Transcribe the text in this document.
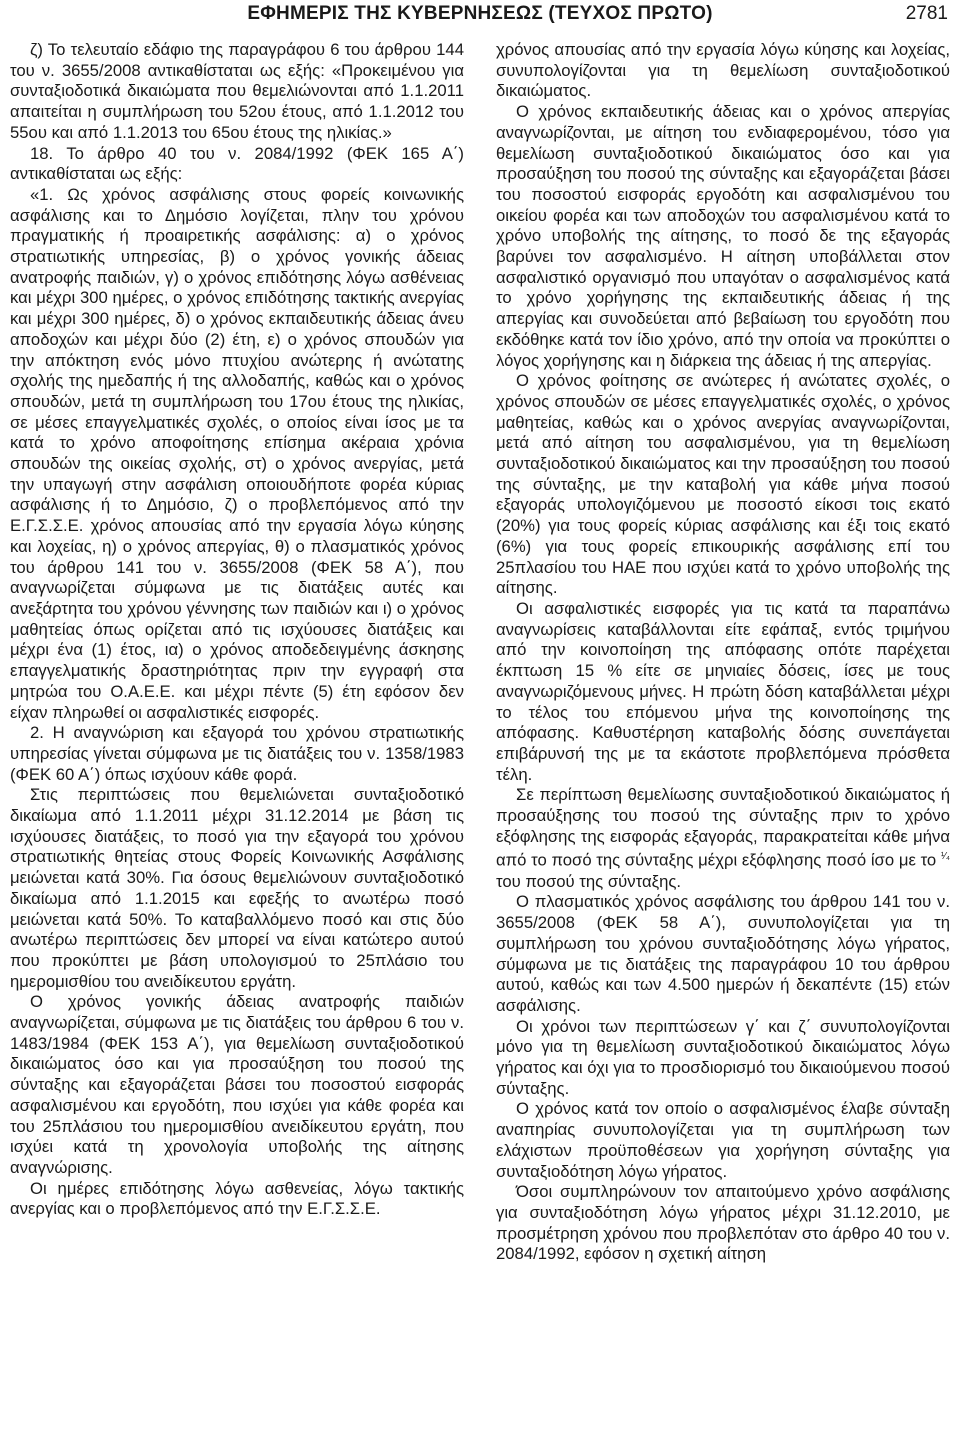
ΕΦΗΜΕΡΙΣ ΤΗΣ ΚΥΒΕΡΝΗΣΕΩΣ (ΤΕΥΧΟΣ ΠΡΩΤΟ)	2781

ζ) Το τελευταίο εδάφιο της παραγράφου 6 του άρθρου 144 του ν. 3655/2008 αντικαθίσταται ως εξής: «Προκειμένου για συνταξιοδοτικά δικαιώματα που θεμελιώνονται από 1.1.2011 απαιτείται η συμπλήρωση του 52ου έτους, από 1.1.2012 του 55ου και από 1.1.2013 του 65ου έτους της ηλικίας.»

18. Το άρθρο 40 του ν. 2084/1992 (ΦΕΚ 165 Α΄) αντικαθίσταται ως εξής:

«1. Ως χρόνος ασφάλισης στους φορείς κοινωνικής ασφάλισης και το Δημόσιο λογίζεται, πλην του χρόνου πραγματικής ή προαιρετικής ασφάλισης: α) ο χρόνος στρατιωτικής υπηρεσίας, β) ο χρόνος γονικής άδειας ανατροφής παιδιών, γ) ο χρόνος επιδότησης λόγω ασθένειας και μέχρι 300 ημέρες, ο χρόνος επιδότησης τακτικής ανεργίας και μέχρι 300 ημέρες, δ) ο χρόνος εκπαιδευτικής άδειας άνευ αποδοχών και μέχρι δύο (2) έτη, ε) ο χρόνος σπουδών για την απόκτηση ενός μόνο πτυχίου ανώτερης ή ανώτατης σχολής της ημεδαπής ή της αλλοδαπής, καθώς και ο χρόνος σπουδών, μετά τη συμπλήρωση του 17ου έτους της ηλικίας, σε μέσες επαγγελματικές σχολές, ο οποίος είναι ίσος με τα κατά το χρόνο αποφοίτησης επίσημα ακέραια χρόνια σπουδών της οικείας σχολής, στ) ο χρόνος ανεργίας, μετά την υπαγωγή στην ασφάλιση οποιουδήποτε φορέα κύριας ασφάλισης ή το Δημόσιο, ζ) ο προβλεπόμενος από την Ε.Γ.Σ.Σ.Ε. χρόνος απουσίας από την εργασία λόγω κύησης και λοχείας, η) ο χρόνος απεργίας, θ) ο πλασματικός χρόνος του άρθρου 141 του ν. 3655/2008 (ΦΕΚ 58 Α΄), που αναγνωρίζεται σύμφωνα με τις διατάξεις αυτές και ανεξάρτητα του χρόνου γέννησης των παιδιών και ι) ο χρόνος μαθητείας όπως ορίζεται από τις ισχύουσες διατάξεις και μέχρι ένα (1) έτος, ια) ο χρόνος αποδεδειγμένης άσκησης επαγγελματικής δραστηριότητας πριν την εγγραφή στα μητρώα του Ο.Α.Ε.Ε. και μέχρι πέντε (5) έτη εφόσον δεν είχαν πληρωθεί οι ασφαλιστικές εισφορές.

2. Η αναγνώριση και εξαγορά του χρόνου στρατιωτικής υπηρεσίας γίνεται σύμφωνα με τις διατάξεις του ν. 1358/1983 (ΦΕΚ 60 Α΄) όπως ισχύουν κάθε φορά.

Στις περιπτώσεις που θεμελιώνεται συνταξιοδοτικό δικαίωμα από 1.1.2011 μέχρι 31.12.2014 με βάση τις ισχύουσες διατάξεις, το ποσό για την εξαγορά του χρόνου στρατιωτικής θητείας στους Φορείς Κοινωνικής Ασφάλισης μειώνεται κατά 30%. Για όσους θεμελιώνουν συνταξιοδοτικό δικαίωμα από 1.1.2015 και εφεξής το ανωτέρω ποσό μειώνεται κατά 50%. Το καταβαλλόμενο ποσό και στις δύο ανωτέρω περιπτώσεις δεν μπορεί να είναι κατώτερο αυτού που προκύπτει με βάση υπολογισμού το 25πλάσιο του ημερομισθίου του ανειδίκευτου εργάτη.

Ο χρόνος γονικής άδειας ανατροφής παιδιών αναγνωρίζεται, σύμφωνα με τις διατάξεις του άρθρου 6 του ν. 1483/1984 (ΦΕΚ 153 Α΄), για θεμελίωση συνταξιοδοτικού δικαιώματος όσο και για προσαύξηση του ποσού της σύνταξης και εξαγοράζεται βάσει του ποσοστού εισφοράς ασφαλισμένου και εργοδότη, που ισχύει για κάθε φορέα και του 25πλάσιου του ημερομισθίου ανειδίκευτου εργάτη, που ισχύει κατά τη χρονολογία υποβολής της αίτησης αναγνώρισης.

Οι ημέρες επιδότησης λόγω ασθενείας, λόγω τακτικής ανεργίας και ο προβλεπόμενος από την Ε.Γ.Σ.Σ.Ε.

χρόνος απουσίας από την εργασία λόγω κύησης και λοχείας, συνυπολογίζονται για τη θεμελίωση συνταξιοδοτικού δικαιώματος.

Ο χρόνος εκπαιδευτικής άδειας και ο χρόνος απεργίας αναγνωρίζονται, με αίτηση του ενδιαφερομένου, τόσο για θεμελίωση συνταξιοδοτικού δικαιώματος όσο και για προσαύξηση του ποσού της σύνταξης και εξαγοράζεται βάσει του ποσοστού εισφοράς εργοδότη και ασφαλισμένου του οικείου φορέα και των αποδοχών του ασφαλισμένου κατά το χρόνο υποβολής της αίτησης, το ποσό δε της εξαγοράς βαρύνει τον ασφαλισμένο. Η αίτηση υποβάλλεται στον ασφαλιστικό οργανισμό που υπαγόταν ο ασφαλισμένος κατά το χρόνο χορήγησης της εκπαιδευτικής άδειας ή της απεργίας και συνοδεύεται από βεβαίωση του εργοδότη που εκδόθηκε κατά τον ίδιο χρόνο, από την οποία να προκύπτει ο λόγος χορήγησης και η διάρκεια της άδειας ή της απεργίας.

Ο χρόνος φοίτησης σε ανώτερες ή ανώτατες σχολές, ο χρόνος σπουδών σε μέσες επαγγελματικές σχολές, ο χρόνος μαθητείας, καθώς και ο χρόνος ανεργίας αναγνωρίζονται, μετά από αίτηση του ασφαλισμένου, για τη θεμελίωση συνταξιοδοτικού δικαιώματος και την προσαύξηση του ποσού της σύνταξης, με την καταβολή για κάθε μήνα ποσού εξαγοράς υπολογιζόμενου με ποσοστό είκοσι τοις εκατό (20%) για τους φορείς κύριας ασφάλισης και έξι τοις εκατό (6%) για τους φορείς επικουρικής ασφάλισης επί του 25πλασίου του ΗΑΕ που ισχύει κατά το χρόνο υποβολής της αίτησης.

Οι ασφαλιστικές εισφορές για τις κατά τα παραπάνω αναγνωρίσεις καταβάλλονται είτε εφάπαξ, εντός τριμήνου από την κοινοποίηση της απόφασης οπότε παρέχεται έκπτωση 15 % είτε σε μηνιαίες δόσεις, ίσες με τους αναγνωριζόμενους μήνες. Η πρώτη δόση καταβάλλεται μέχρι το τέλος του επόμενου μήνα της κοινοποίησης της απόφασης. Καθυστέρηση καταβολής δόσης συνεπάγεται επιβάρυνσή της με τα εκάστοτε προβλεπόμενα πρόσθετα τέλη.

Σε περίπτωση θεμελίωσης συνταξιοδοτικού δικαιώματος ή προσαύξησης του ποσού της σύνταξης πριν το χρόνο εξόφλησης της εισφοράς εξαγοράς, παρακρατείται κάθε μήνα από το ποσό της σύνταξης μέχρι εξόφλησης ποσό ίσο με το $^{^1⁄_4}$ του ποσού της σύνταξης.

Ο πλασματικός χρόνος ασφάλισης του άρθρου 141 του ν. 3655/2008 (ΦΕΚ 58 Α΄), συνυπολογίζεται για τη συμπλήρωση του χρόνου συνταξιοδότησης λόγω γήρατος, σύμφωνα με τις διατάξεις της παραγράφου 10 του άρθρου αυτού, καθώς και των 4.500 ημερών ή δεκαπέντε (15) ετών ασφάλισης.

Οι χρόνοι των περιπτώσεων γ΄ και ζ΄ συνυπολογίζονται μόνο για τη θεμελίωση συνταξιοδοτικού δικαιώματος λόγω γήρατος και όχι για το προσδιορισμό του δικαιούμενου ποσού σύνταξης.

Ο χρόνος κατά τον οποίο ο ασφαλισμένος έλαβε σύνταξη αναπηρίας συνυπολογίζεται για τη συμπλήρωση των ελάχιστων προϋποθέσεων για χορήγηση σύνταξης για συνταξιοδότηση λόγω γήρατος.

Όσοι συμπληρώνουν τον απαιτούμενο χρόνο ασφάλισης για συνταξιοδότηση λόγω γήρατος μέχρι 31.12.2010, με προσμέτρηση χρόνου που προβλεπόταν στο άρθρο 40 του ν. 2084/1992, εφόσον η σχετική αίτηση
